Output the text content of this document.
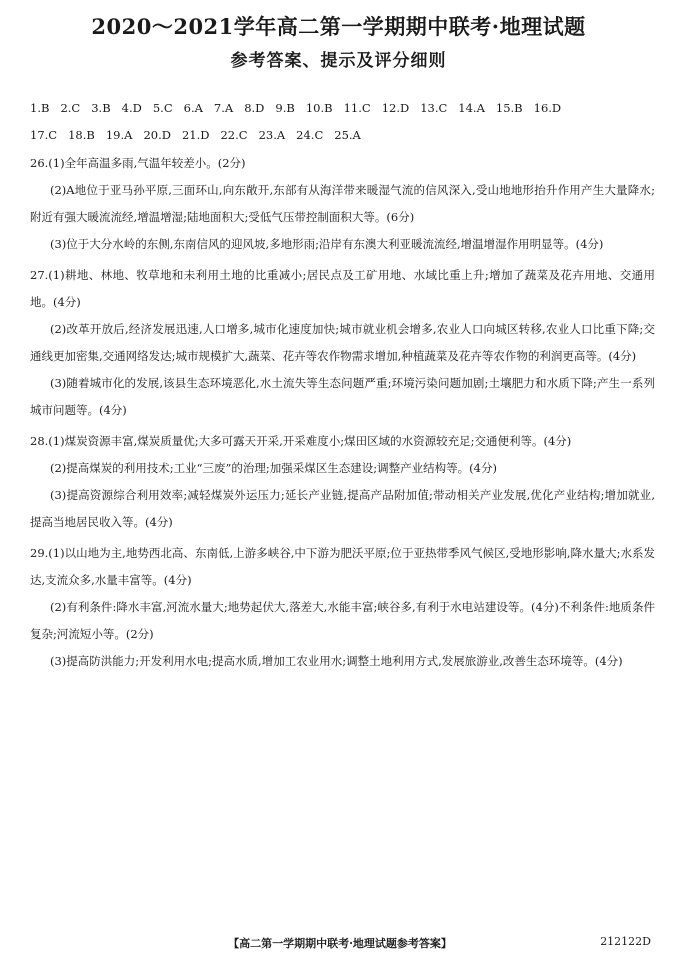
2020～2021学年高二第一学期期中联考·地理试题
参考答案、提示及评分细则
1.B 2.C 3.B 4.D 5.C 6.A 7.A 8.D 9.B 10.B 11.C 12.D 13.C 14.A 15.B 16.D
17.C 18.B 19.A 20.D 21.D 22.C 23.A 24.C 25.A

26.(1)全年高温多雨,气温年较差小。(2分)

(2)A地位于亚马孙平原,三面环山,向东敞开,东部有从海洋带来暖湿气流的信风深入,受山地地形抬升作用产生大量降水;附近有强大暖流流经,增温增湿;陆地面积大;受低气压带控制面积大等。(6分)

(3)位于大分水岭的东侧,东南信风的迎风坡,多地形雨;沿岸有东澳大利亚暖流流经,增温增湿作用明显等。(4分)

27.(1)耕地、林地、牧草地和未利用土地的比重减小;居民点及工矿用地、水域比重上升;增加了蔬菜及花卉用地、交通用地。(4分)

(2)改革开放后,经济发展迅速,人口增多,城市化速度加快;城市就业机会增多,农业人口向城区转移,农业人口比重下降;交通线更加密集,交通网络发达;城市规模扩大,蔬菜、花卉等农作物需求增加,种植蔬菜及花卉等农作物的利润更高等。(4分)

(3)随着城市化的发展,该县生态环境恶化,水土流失等生态问题严重;环境污染问题加剧;土壤肥力和水质下降;产生一系列城市问题等。(4分)

28.(1)煤炭资源丰富,煤炭质量优;大多可露天开采,开采难度小;煤田区域的水资源较充足;交通便利等。(4分)

(2)提高煤炭的利用技术;工业“三废”的治理;加强采煤区生态建设;调整产业结构等。(4分)

(3)提高资源综合利用效率;减轻煤炭外运压力;延长产业链,提高产品附加值;带动相关产业发展,优化产业结构;增加就业,提高当地居民收入等。(4分)

29.(1)以山地为主,地势西北高、东南低,上游多峡谷,中下游为肥沃平原;位于亚热带季风气候区,受地形影响,降水量大;水系发达,支流众多,水量丰富等。(4分)

(2)有利条件:降水丰富,河流水量大;地势起伏大,落差大,水能丰富;峡谷多,有利于水电站建设等。(4分)不利条件:地质条件复杂;河流短小等。(2分)

(3)提高防洪能力;开发利用水电;提高水质,增加工农业用水;调整土地利用方式,发展旅游业,改善生态环境等。(4分)

【高二第一学期期中联考·地理试题参考答案】	212122D
